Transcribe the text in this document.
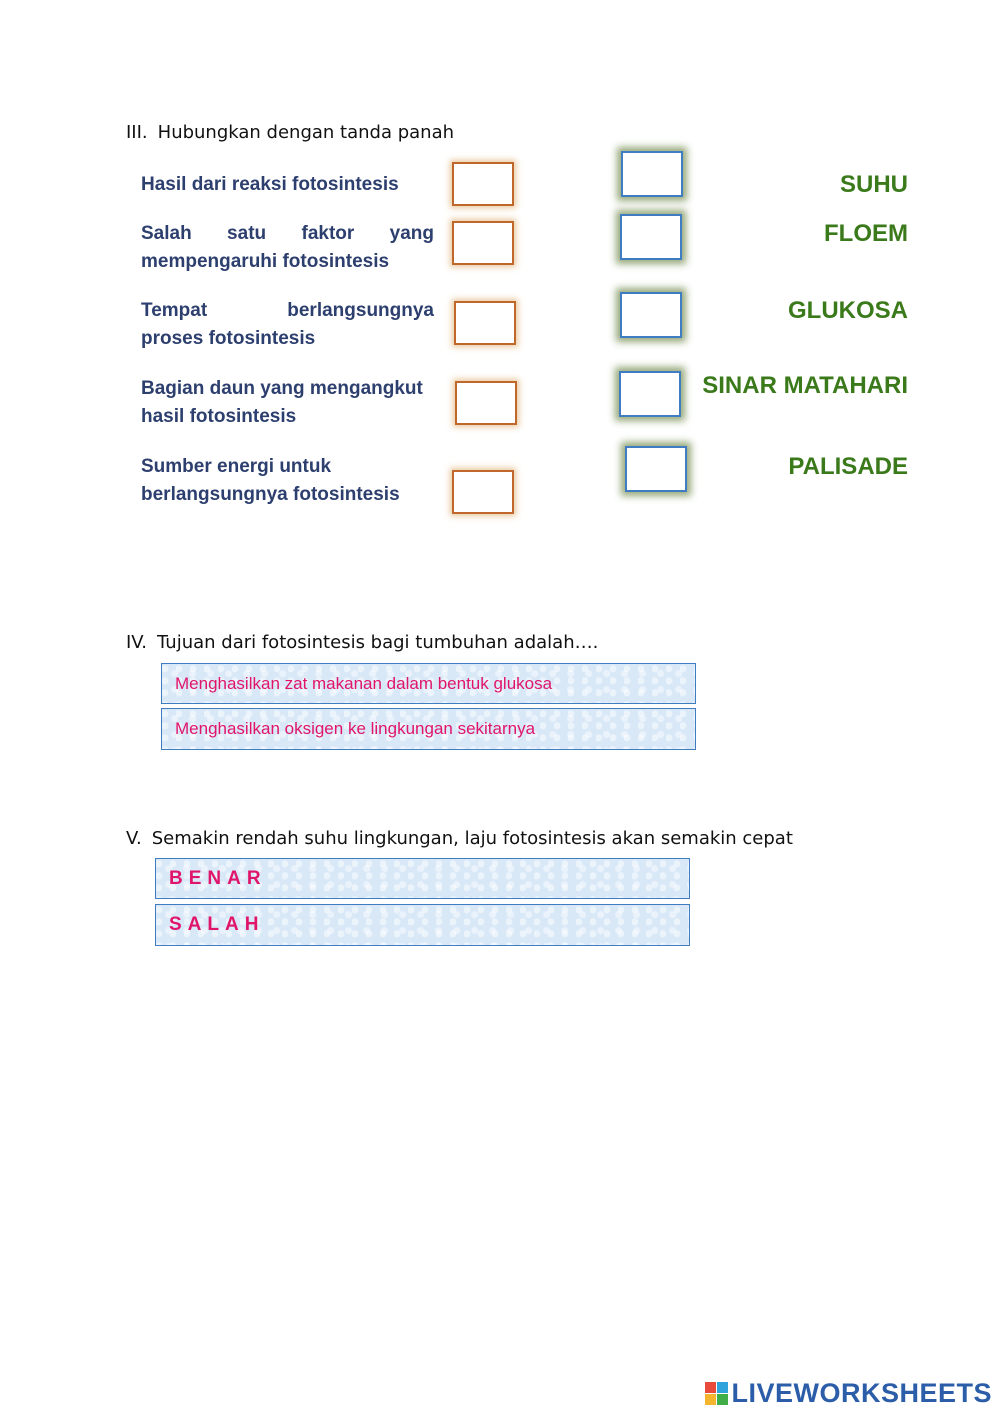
III. Hubungkan dengan tanda panah
Hasil dari reaksi fotosintesis
Salah satu faktor yang
mempengaruhi fotosintesis
Tempat berlangsungnya
proses fotosintesis
Bagian daun yang mengangkut
hasil fotosintesis
Sumber energi untuk
berlangsungnya fotosintesis
SUHU
FLOEM
GLUKOSA
SINAR MATAHARI
PALISADE
IV. Tujuan dari fotosintesis bagi tumbuhan adalah….
Menghasilkan zat makanan dalam bentuk glukosa
Menghasilkan oksigen ke lingkungan sekitarnya
V. Semakin rendah suhu lingkungan, laju fotosintesis akan semakin cepat
BENAR
SALAH
LIVEWORKSHEETS
